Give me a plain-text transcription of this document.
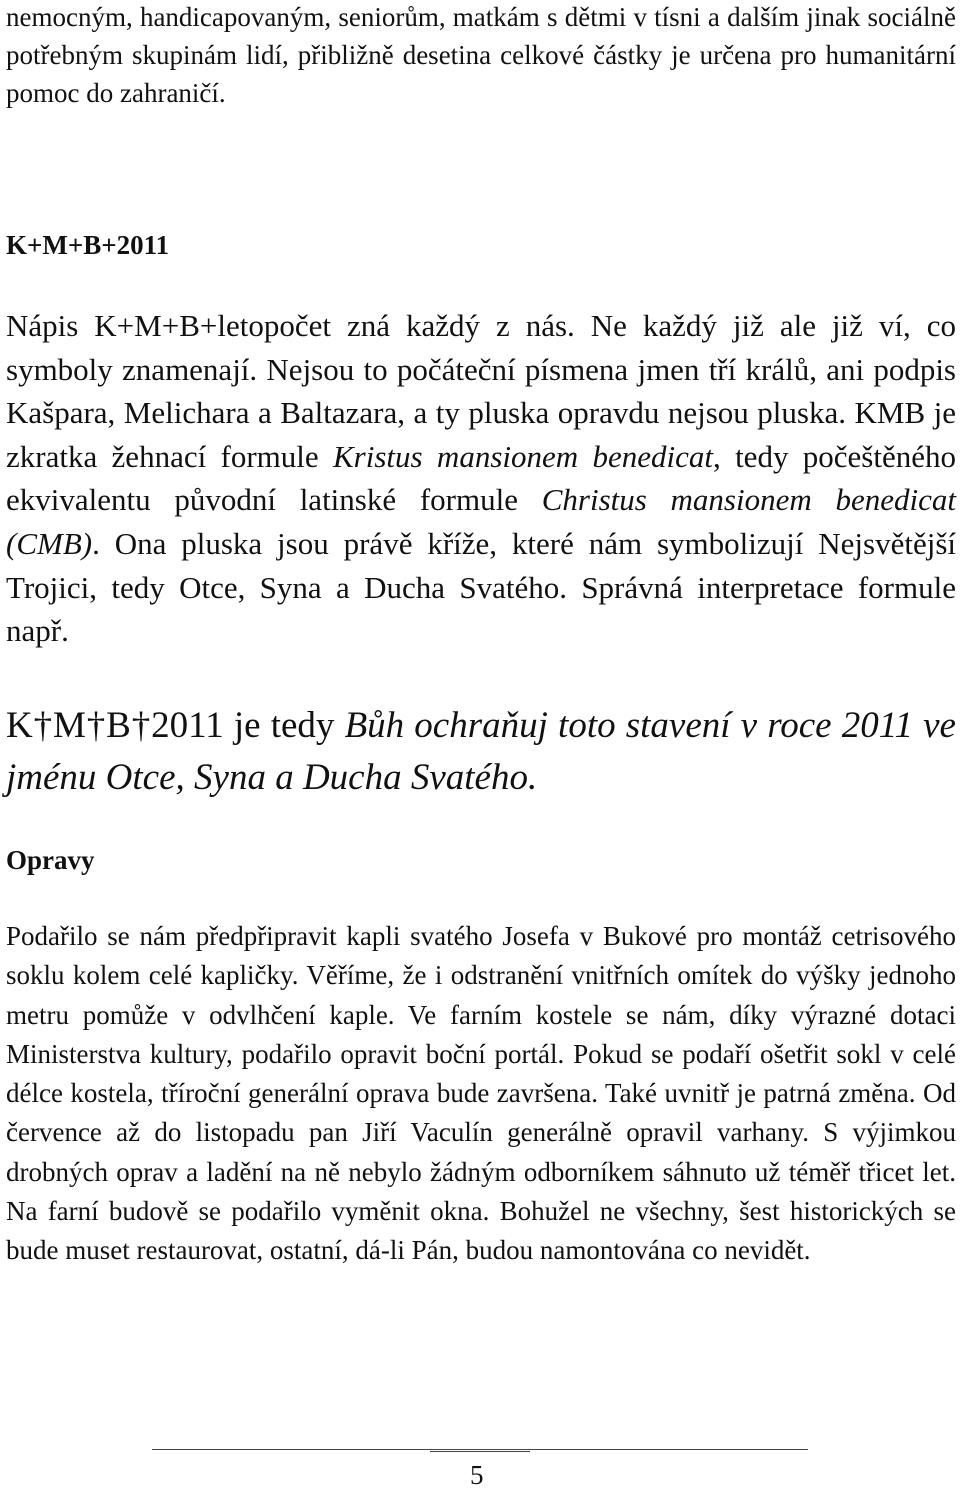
nemocným, handicapovaným, seniorům, matkám s dětmi v tísni a dalším jinak sociálně potřebným skupinám lidí, přibližně desetina celkové částky je určena pro humanitární pomoc do zahraničí.

K+M+B+2011

Nápis K+M+B+letopočet zná každý z nás. Ne každý již ale již ví, co symboly znamenají. Nejsou to počáteční písmena jmen tří králů, ani podpis Kašpara, Melichara a Baltazara, a ty pluska opravdu nejsou pluska. KMB je zkratka žehnací formule Kristus mansionem benedicat, tedy počeštěného ekvivalentu původní latinské formule Christus mansionem benedicat (CMB). Ona pluska jsou právě kříže, které nám symbolizují Nejsvětější Trojici, tedy Otce, Syna a Ducha Svatého. Správná interpretace formule např.

K†M†B†2011 je tedy Bůh ochraňuj toto stavení v roce 2011 ve jménu Otce, Syna a Ducha Svatého.

Opravy

Podařilo se nám předpřipravit kapli svatého Josefa v Bukové pro montáž cetrisového soklu kolem celé kapličky. Věříme, že i odstranění vnitřních omítek do výšky jednoho metru pomůže v odvlhčení kaple. Ve farním kostele se nám, díky výrazné dotaci Ministerstva kultury, podařilo opravit boční portál. Pokud se podaří ošetřit sokl v celé délce kostela, tříroční generální oprava bude završena. Také uvnitř je patrná změna. Od července až do listopadu pan Jiří Vaculín generálně opravil varhany. S výjimkou drobných oprav a ladění na ně nebylo žádným odborníkem sáhnuto už téměř třicet let. Na farní budově se podařilo vyměnit okna. Bohužel ne všechny, šest historických se bude muset restaurovat, ostatní, dá-li Pán, budou namontována co nevidět.

5
